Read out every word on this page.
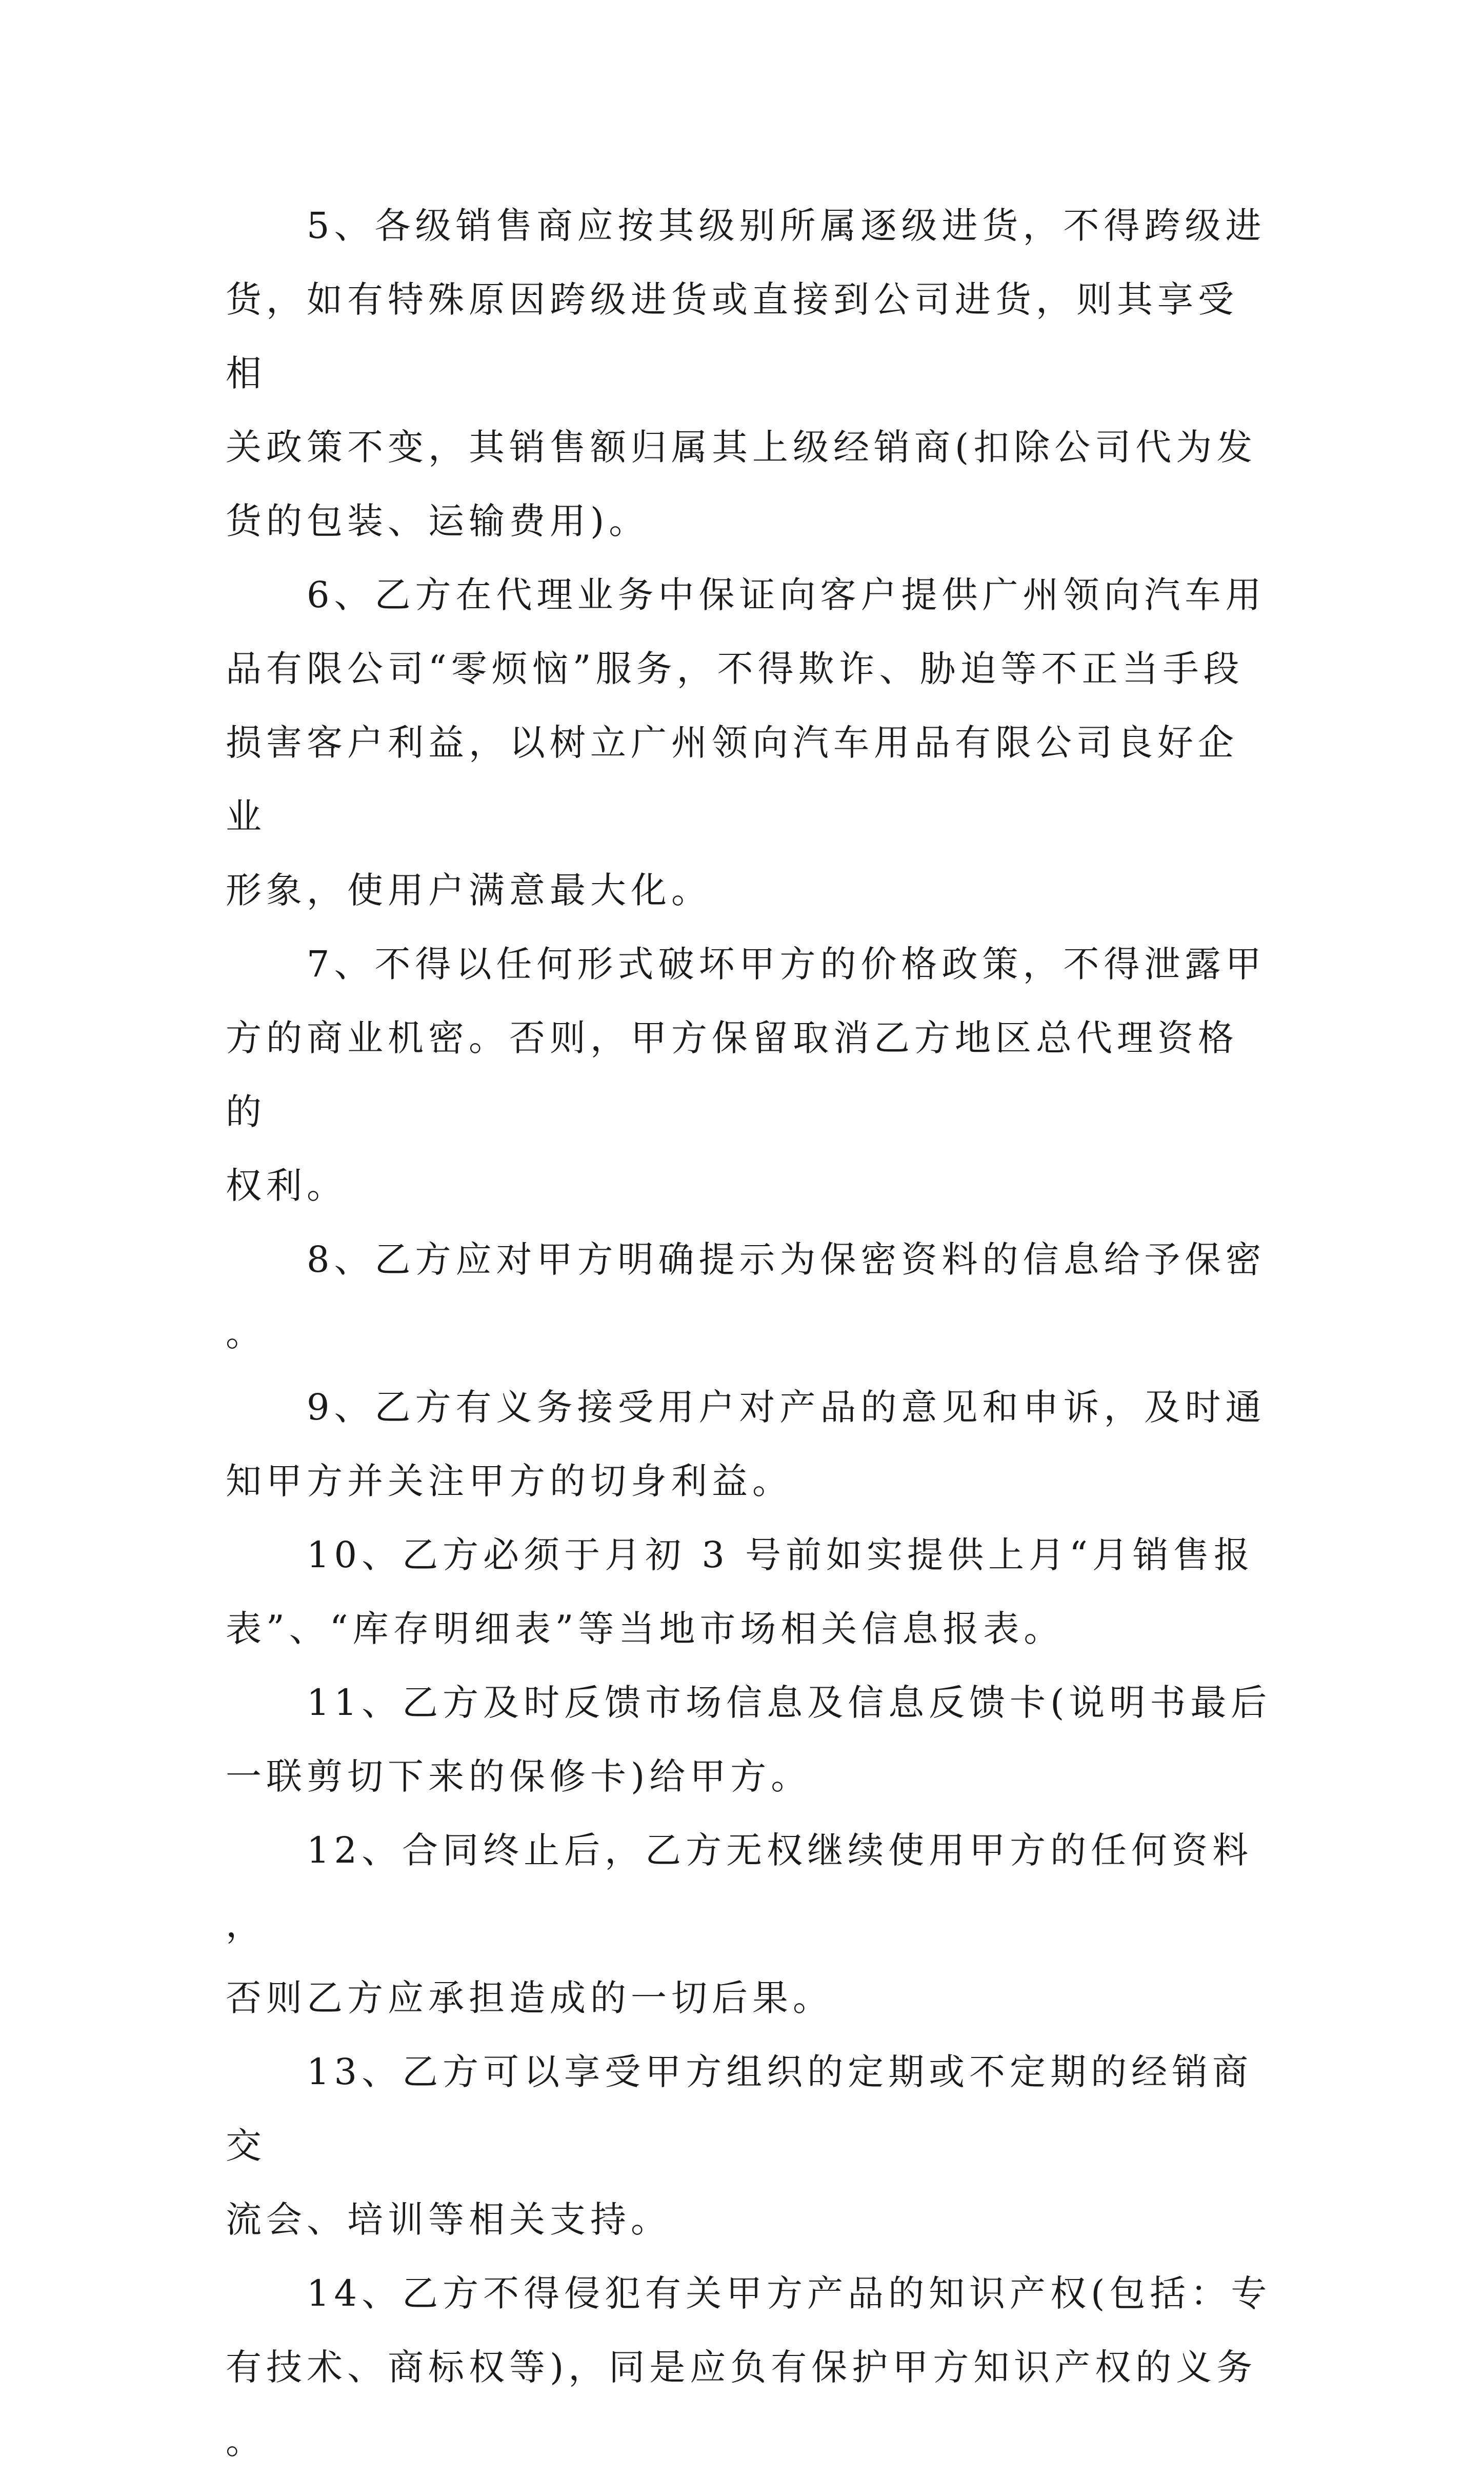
5、各级销售商应按其级别所属逐级进货，不得跨级进
货，如有特殊原因跨级进货或直接到公司进货，则其享受相
关政策不变，其销售额归属其上级经销商(扣除公司代为发
货的包装、运输费用)。

6、乙方在代理业务中保证向客户提供广州领向汽车用
品有限公司“零烦恼”服务，不得欺诈、胁迫等不正当手段
损害客户利益，以树立广州领向汽车用品有限公司良好企业
形象，使用户满意最大化。

7、不得以任何形式破坏甲方的价格政策，不得泄露甲
方的商业机密。否则，甲方保留取消乙方地区总代理资格的
权利。

8、乙方应对甲方明确提示为保密资料的信息给予保密。

9、乙方有义务接受用户对产品的意见和申诉，及时通
知甲方并关注甲方的切身利益。

10、乙方必须于月初 3 号前如实提供上月“月销售报
表”、“库存明细表”等当地市场相关信息报表。

11、乙方及时反馈市场信息及信息反馈卡(说明书最后
一联剪切下来的保修卡)给甲方。

12、合同终止后，乙方无权继续使用甲方的任何资料，
否则乙方应承担造成的一切后果。

13、乙方可以享受甲方组织的定期或不定期的经销商交
流会、培训等相关支持。

14、乙方不得侵犯有关甲方产品的知识产权(包括：专
有技术、商标权等)，同是应负有保护甲方知识产权的义务。
